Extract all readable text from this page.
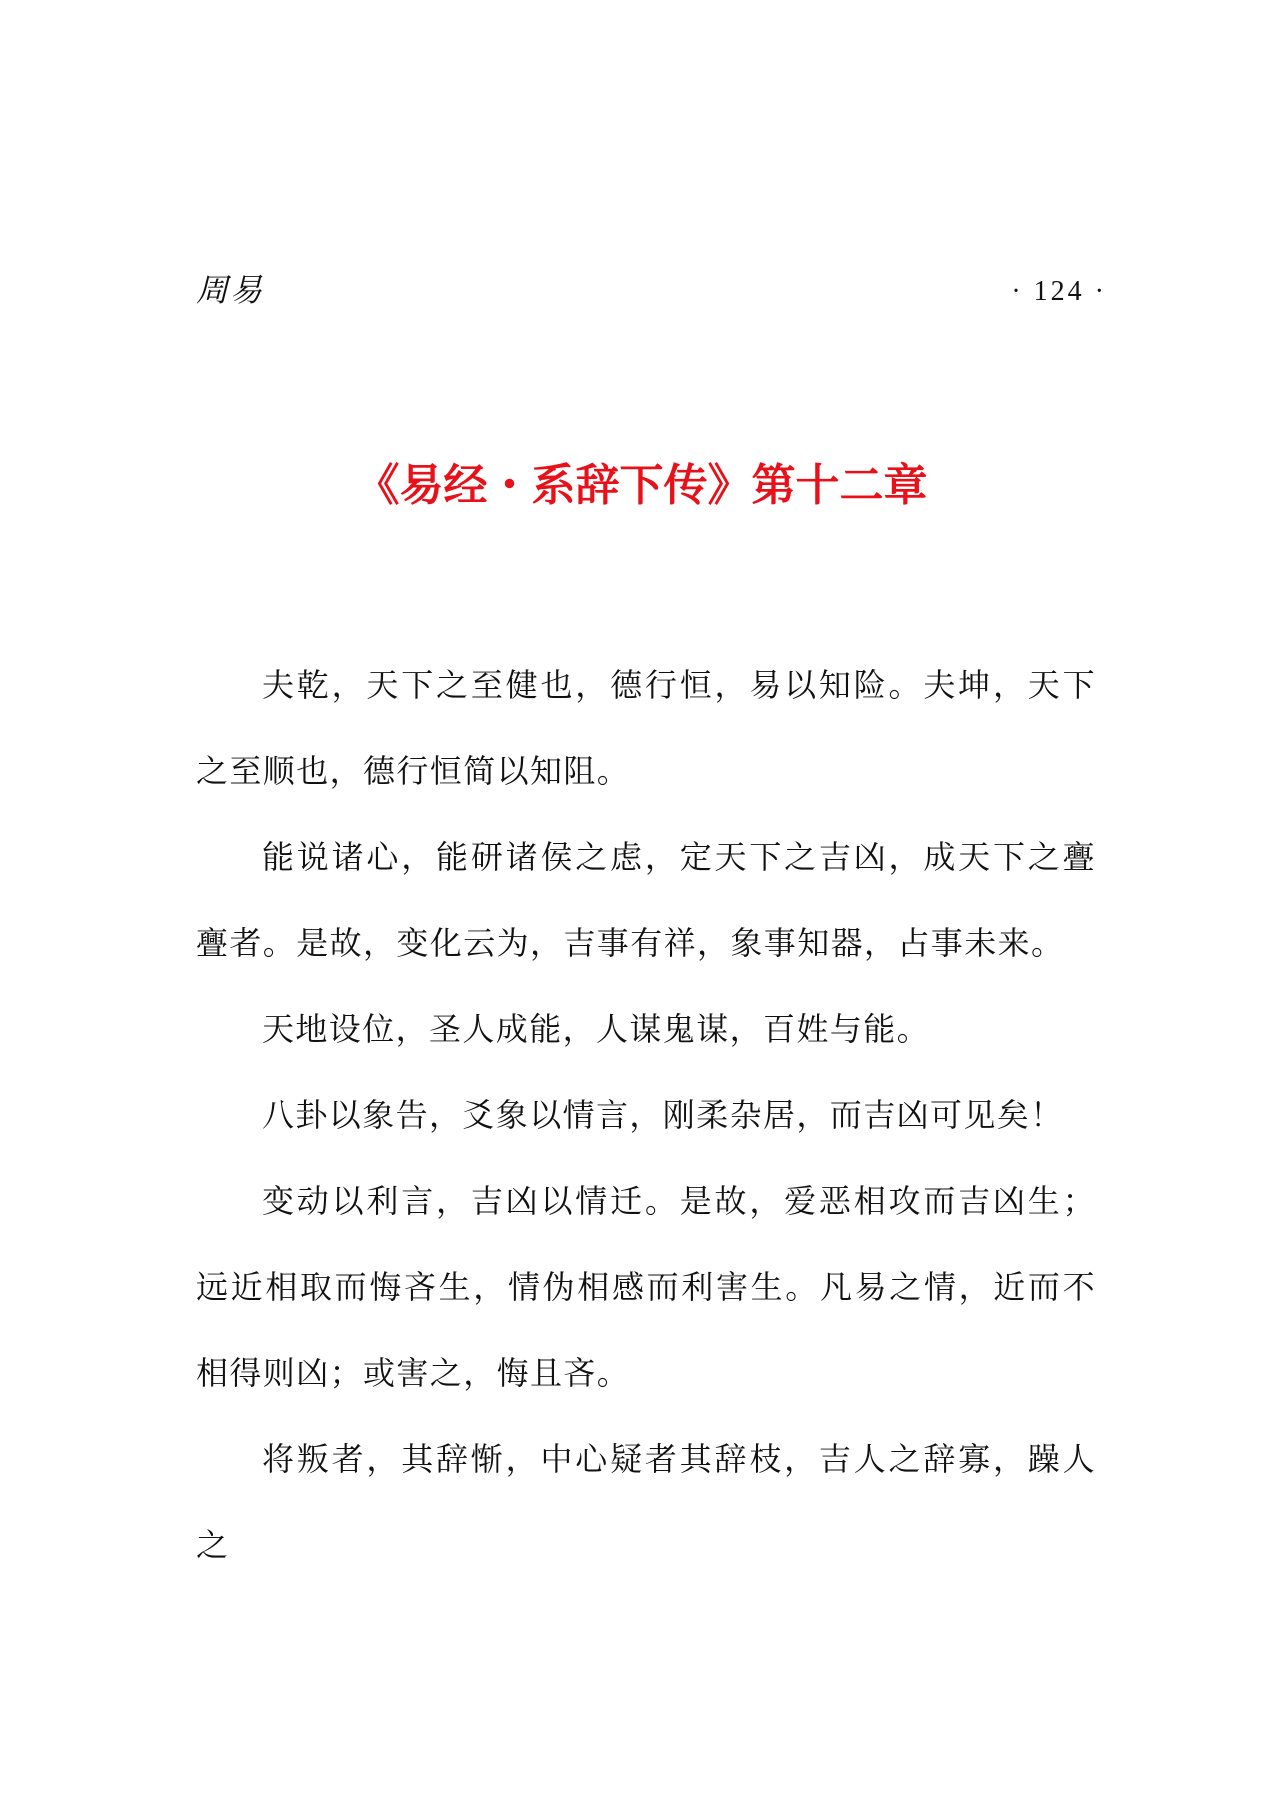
周易	· 124 ·
《易经・系辞下传》第十二章

夫乾，天下之至健也，德行恒，易以知险。夫坤，天下之至顺也，德行恒简以知阻。

能说诸心，能研诸侯之虑，定天下之吉凶，成天下之亹亹者。是故，变化云为，吉事有祥，象事知器，占事未来。

天地设位，圣人成能，人谋鬼谋，百姓与能。

八卦以象告，爻象以情言，刚柔杂居，而吉凶可见矣！

变动以利言，吉凶以情迁。是故，爱恶相攻而吉凶生；远近相取而悔吝生，情伪相感而利害生。凡易之情，近而不相得则凶；或害之，悔且吝。

将叛者，其辞惭，中心疑者其辞枝，吉人之辞寡，躁人之
